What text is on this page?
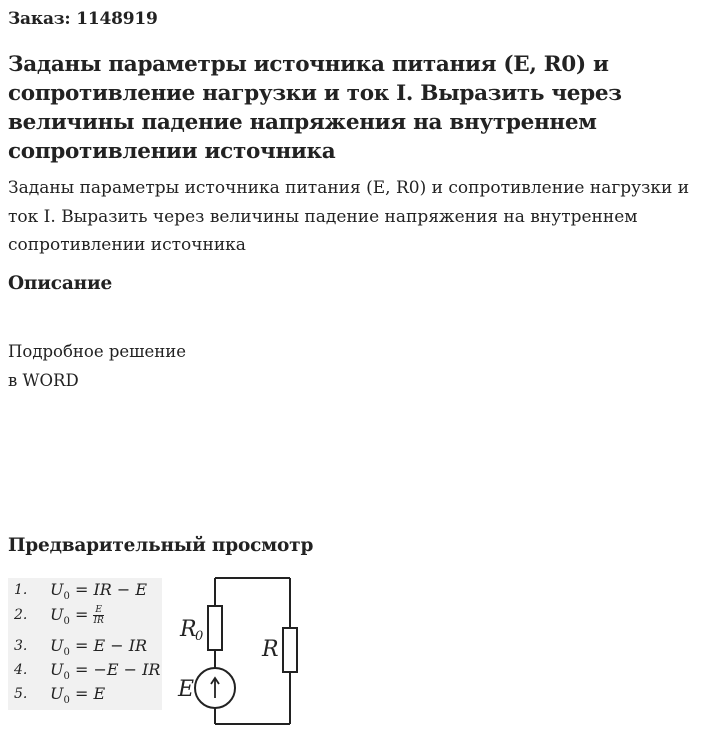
Заказ: 1148919
Заданы параметры источника питания (E, R0) и сопротивление нагрузки и ток I. Выразить через величины падение напряжения на внутреннем сопротивлении источника

Заданы параметры источника питания (E, R0) и сопротивление нагрузки и ток I. Выразить через величины падение напряжения на внутреннем сопротивлении источника

Описание
Подробное решение
в WORD
Предварительный просмотр
1.	$U_0$ = IR − E
2.	$U_0 = \frac{E}{IR}$
3.	$U_0 = E$ − IR
4.	$U_0 = -E$ − IR
5.	$U_0 = E$
R
0
R
E
